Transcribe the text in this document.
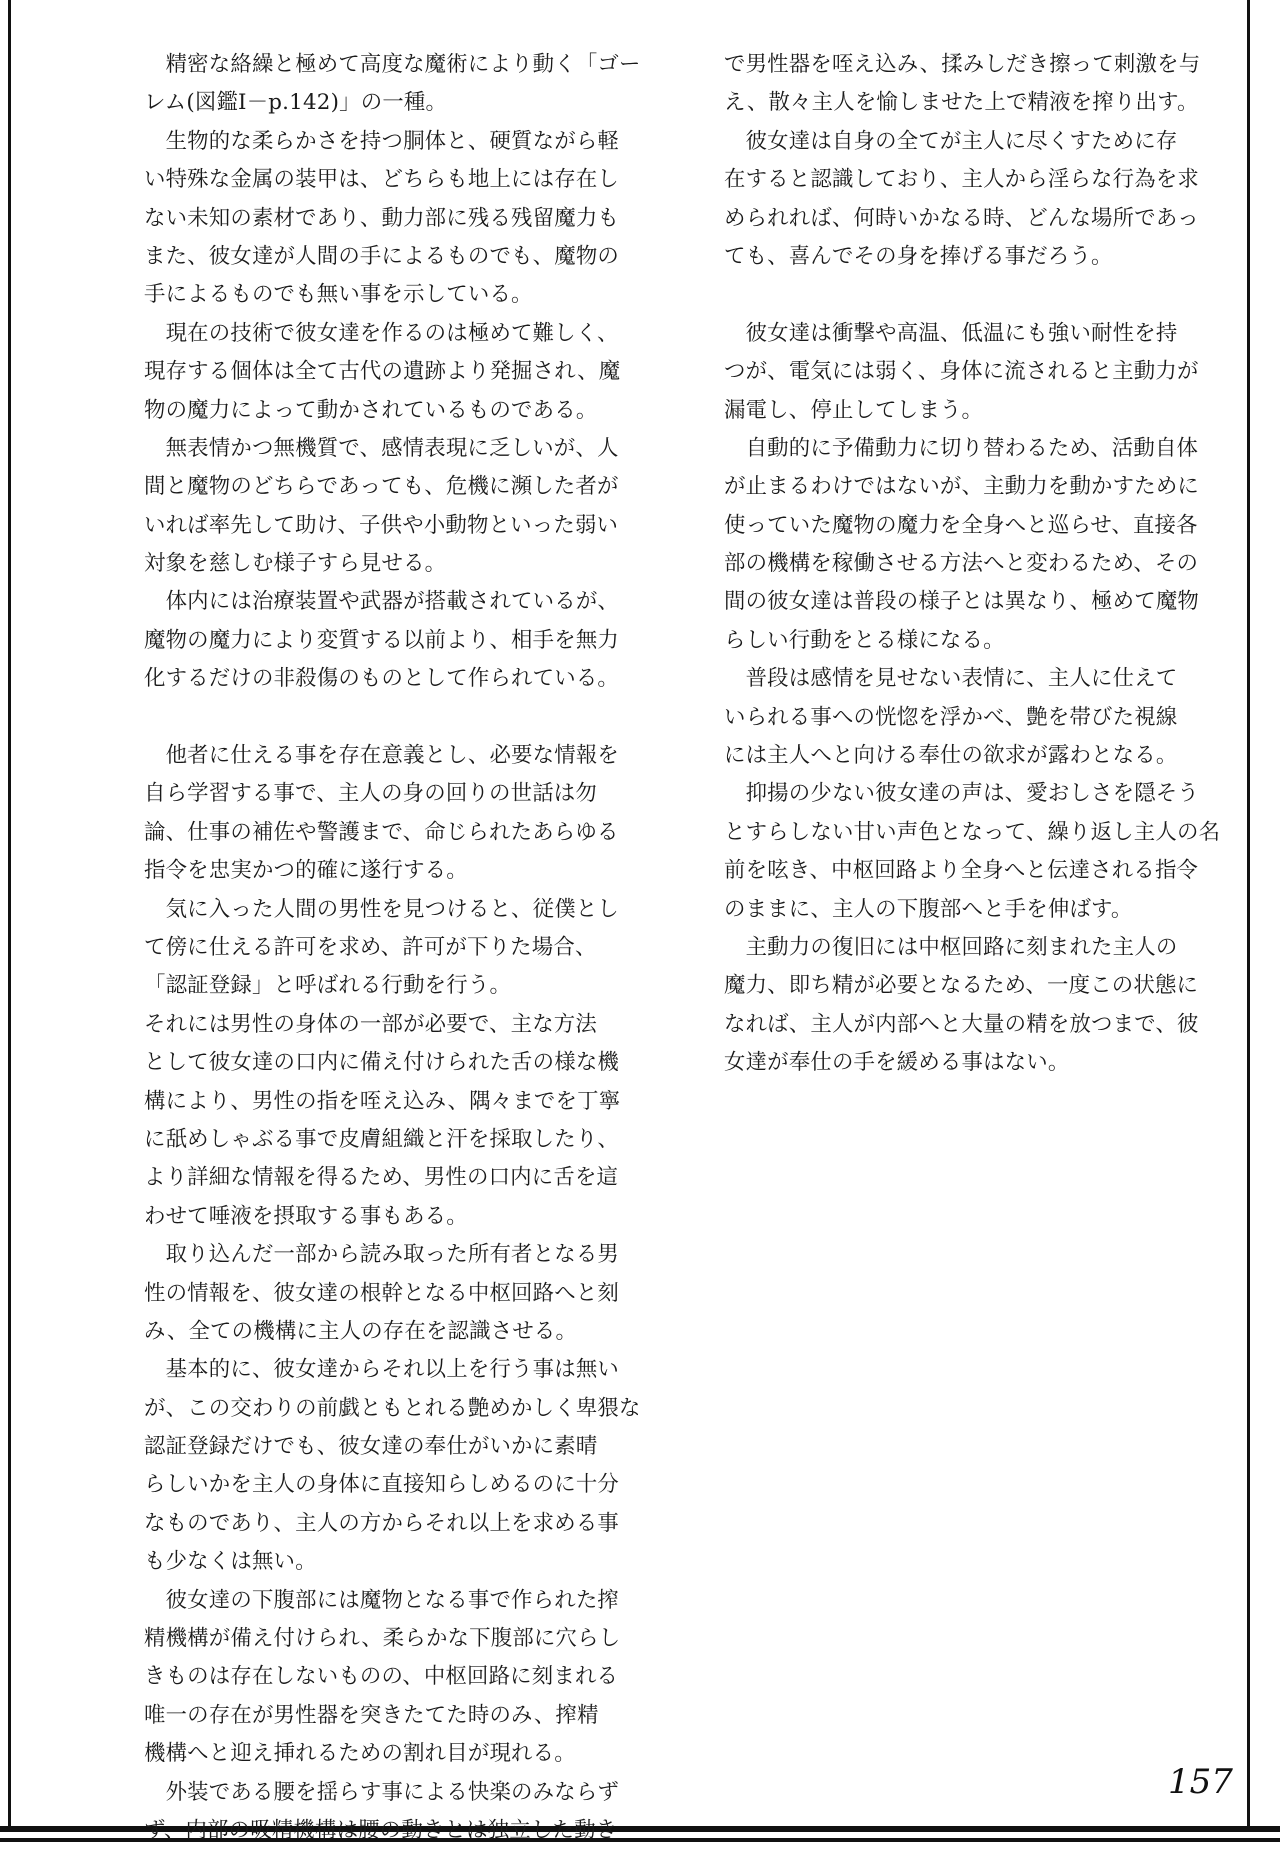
　精密な絡繰と極めて高度な魔術により動く「ゴー
レム(図鑑Ⅰ－p.142)」の一種。
　生物的な柔らかさを持つ胴体と、硬質ながら軽
い特殊な金属の装甲は、どちらも地上には存在し
ない未知の素材であり、動力部に残る残留魔力も
また、彼女達が人間の手によるものでも、魔物の
手によるものでも無い事を示している。
　現在の技術で彼女達を作るのは極めて難しく、
現存する個体は全て古代の遺跡より発掘され、魔
物の魔力によって動かされているものである。
　無表情かつ無機質で、感情表現に乏しいが、人
間と魔物のどちらであっても、危機に瀕した者が
いれば率先して助け、子供や小動物といった弱い
対象を慈しむ様子すら見せる。
　体内には治療装置や武器が搭載されているが、
魔物の魔力により変質する以前より、相手を無力
化するだけの非殺傷のものとして作られている。
　他者に仕える事を存在意義とし、必要な情報を
自ら学習する事で、主人の身の回りの世話は勿
論、仕事の補佐や警護まで、命じられたあらゆる
指令を忠実かつ的確に遂行する。
　気に入った人間の男性を見つけると、従僕とし
て傍に仕える許可を求め、許可が下りた場合、
「認証登録」と呼ばれる行動を行う。
それには男性の身体の一部が必要で、主な方法
として彼女達の口内に備え付けられた舌の様な機
構により、男性の指を咥え込み、隅々までを丁寧
に舐めしゃぶる事で皮膚組織と汗を採取したり、
より詳細な情報を得るため、男性の口内に舌を這
わせて唾液を摂取する事もある。
　取り込んだ一部から読み取った所有者となる男
性の情報を、彼女達の根幹となる中枢回路へと刻
み、全ての機構に主人の存在を認識させる。
　基本的に、彼女達からそれ以上を行う事は無い
が、この交わりの前戯ともとれる艶めかしく卑猥な
認証登録だけでも、彼女達の奉仕がいかに素晴
らしいかを主人の身体に直接知らしめるのに十分
なものであり、主人の方からそれ以上を求める事
も少なくは無い。
　彼女達の下腹部には魔物となる事で作られた搾
精機構が備え付けられ、柔らかな下腹部に穴らし
きものは存在しないものの、中枢回路に刻まれる
唯一の存在が男性器を突きたてた時のみ、搾精
機構へと迎え挿れるための割れ目が現れる。
　外装である腰を揺らす事による快楽のみならず
ず、内部の吸精機構は腰の動きとは独立した動き
で男性器を咥え込み、揉みしだき擦って刺激を与
え、散々主人を愉しませた上で精液を搾り出す。
　彼女達は自身の全てが主人に尽くすために存
在すると認識しており、主人から淫らな行為を求
められれば、何時いかなる時、どんな場所であっ
ても、喜んでその身を捧げる事だろう。
　彼女達は衝撃や高温、低温にも強い耐性を持
つが、電気には弱く、身体に流されると主動力が
漏電し、停止してしまう。
　自動的に予備動力に切り替わるため、活動自体
が止まるわけではないが、主動力を動かすために
使っていた魔物の魔力を全身へと巡らせ、直接各
部の機構を稼働させる方法へと変わるため、その
間の彼女達は普段の様子とは異なり、極めて魔物
らしい行動をとる様になる。
　普段は感情を見せない表情に、主人に仕えて
いられる事への恍惚を浮かべ、艶を帯びた視線
には主人へと向ける奉仕の欲求が露わとなる。
　抑揚の少ない彼女達の声は、愛おしさを隠そう
とすらしない甘い声色となって、繰り返し主人の名
前を呟き、中枢回路より全身へと伝達される指令
のままに、主人の下腹部へと手を伸ばす。
　主動力の復旧には中枢回路に刻まれた主人の
魔力、即ち精が必要となるため、一度この状態に
なれば、主人が内部へと大量の精を放つまで、彼
女達が奉仕の手を緩める事はない。
157
